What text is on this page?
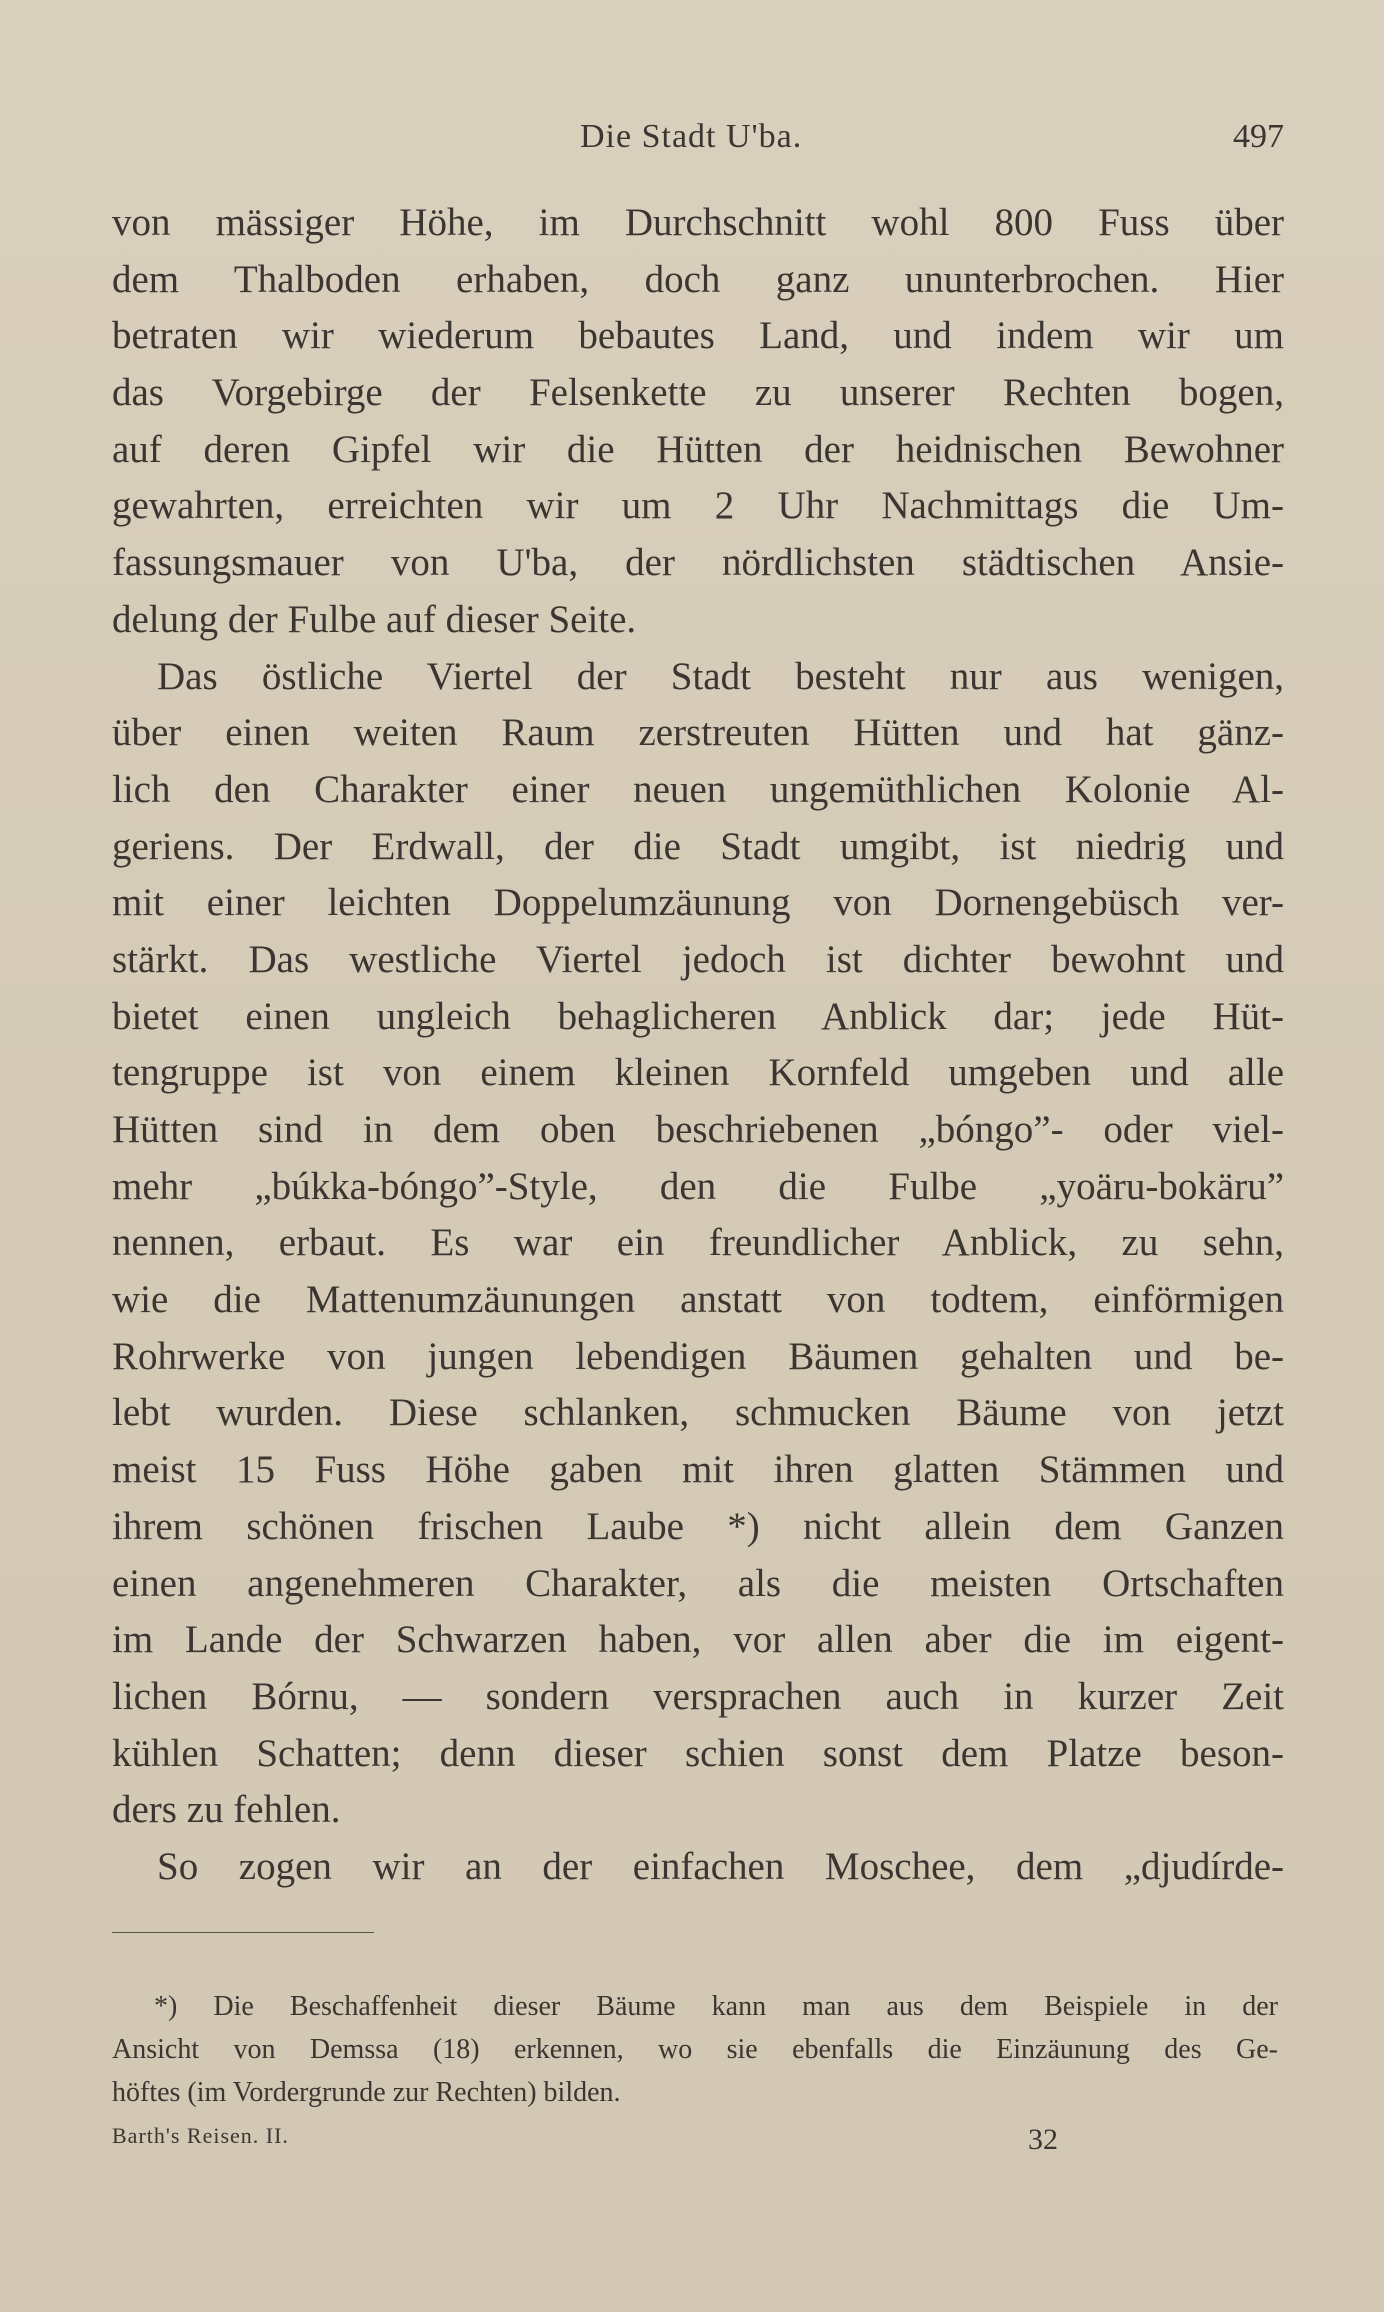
Die Stadt U'ba.	497
von mässiger Höhe, im Durchschnitt wohl 800 Fuss über
dem Thalboden erhaben, doch ganz ununterbrochen. Hier
betraten wir wiederum bebautes Land, und indem wir um
das Vorgebirge der Felsenkette zu unserer Rechten bogen,
auf deren Gipfel wir die Hütten der heidnischen Bewohner
gewahrten, erreichten wir um 2 Uhr Nachmittags die Um-
fassungsmauer von U'ba, der nördlichsten städtischen Ansie-
delung der Fulbe auf dieser Seite.
Das östliche Viertel der Stadt besteht nur aus wenigen,
über einen weiten Raum zerstreuten Hütten und hat gänz-
lich den Charakter einer neuen ungemüthlichen Kolonie Al-
geriens. Der Erdwall, der die Stadt umgibt, ist niedrig und
mit einer leichten Doppelumzäunung von Dornengebüsch ver-
stärkt. Das westliche Viertel jedoch ist dichter bewohnt und
bietet einen ungleich behaglicheren Anblick dar; jede Hüt-
tengruppe ist von einem kleinen Kornfeld umgeben und alle
Hütten sind in dem oben beschriebenen „bóngo”- oder viel-
mehr „búkka-bóngo”-Style, den die Fulbe „yoäru-bokäru”
nennen, erbaut. Es war ein freundlicher Anblick, zu sehn,
wie die Mattenumzäunungen anstatt von todtem, einförmigen
Rohrwerke von jungen lebendigen Bäumen gehalten und be-
lebt wurden. Diese schlanken, schmucken Bäume von jetzt
meist 15 Fuss Höhe gaben mit ihren glatten Stämmen und
ihrem schönen frischen Laube *) nicht allein dem Ganzen
einen angenehmeren Charakter, als die meisten Ortschaften
im Lande der Schwarzen haben, vor allen aber die im eigent-
lichen Bórnu, — sondern versprachen auch in kurzer Zeit
kühlen Schatten; denn dieser schien sonst dem Platze beson-
ders zu fehlen.
So zogen wir an der einfachen Moschee, dem „djudírde-
*) Die Beschaffenheit dieser Bäume kann man aus dem Beispiele in der
Ansicht von Demssa (18) erkennen, wo sie ebenfalls die Einzäunung des Ge-
höftes (im Vordergrunde zur Rechten) bilden.
Barth's Reisen. II.	32
